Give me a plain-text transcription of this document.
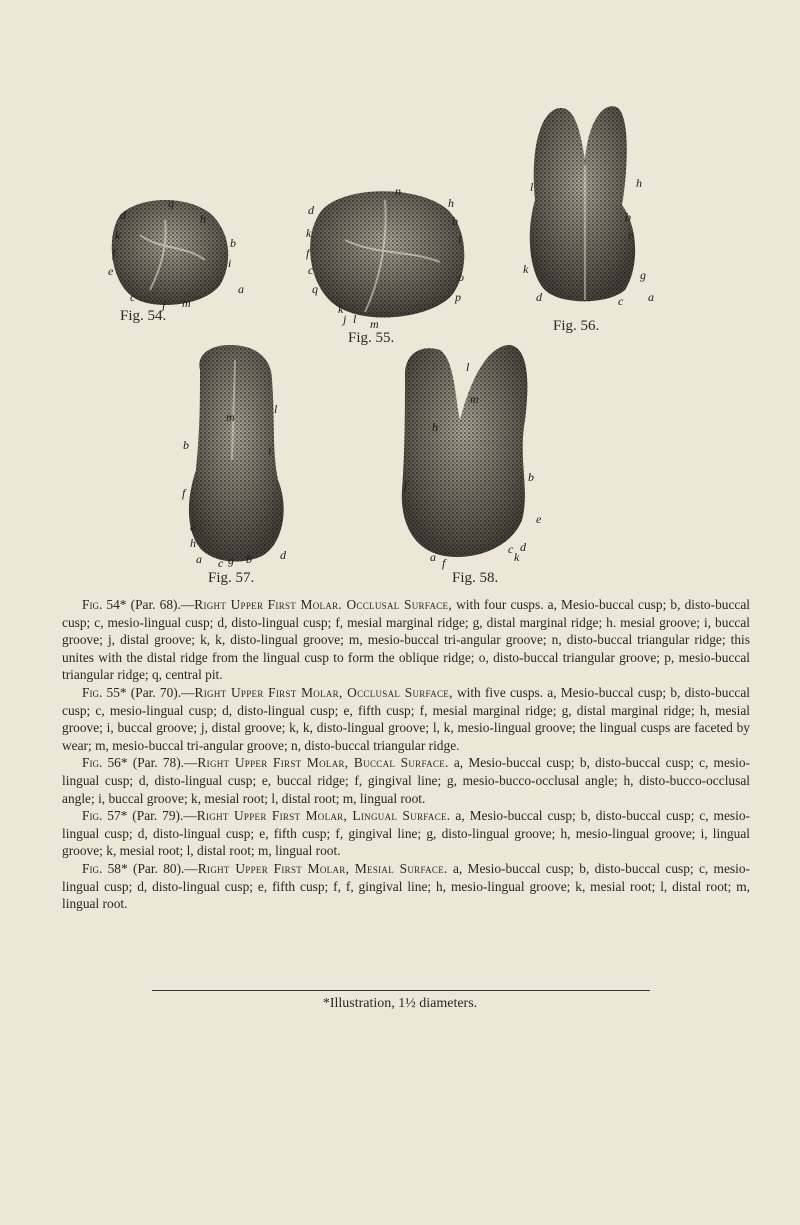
d
k
f
e
c
q
m
h
b
i
a
j
Fig. 54.
d
k
f
c
q
j l m
h
b
i
o
p
k
n
Fig. 55.
l	h
k
b
e
g
a
d	c
Fig. 56.
m
l
b	i
f
e
h
a c g b d
Fig. 57.
l
m
h
f
b
e
a f
c d
k
Fig. 58.

Fig. 54* (Par. 68).—Right Upper First Molar. Occlusal Surface, with four cusps. a, Mesio-buccal cusp; b, disto-buccal cusp; c, mesio-lingual cusp; d, disto-lingual cusp; f, mesial marginal ridge; g, distal marginal ridge; h. mesial groove; i, buccal groove; j, distal groove; k, k, disto-lingual groove; m, mesio-buccal tri-angular groove; n, disto-buccal triangular ridge; this unites with the distal ridge from the lingual cusp to form the oblique ridge; o, disto-buccal triangular groove; p, mesio-buccal triangular ridge; q, central pit.

Fig. 55* (Par. 70).—Right Upper First Molar, Occlusal Surface, with five cusps. a, Mesio-buccal cusp; b, disto-buccal cusp; c, mesio-lingual cusp; d, disto-lingual cusp; e, fifth cusp; f, mesial marginal ridge; g, distal marginal ridge; h, mesial groove; i, buccal groove; j, distal groove; k, k, disto-lingual groove; l, k, mesio-lingual groove; the lingual cusps are faceted by wear; m, mesio-buccal tri-angular groove; n, disto-buccal triangular ridge.

Fig. 56* (Par. 78).—Right Upper First Molar, Buccal Surface. a, Mesio-buccal cusp; b, disto-buccal cusp; c, mesio-lingual cusp; d, disto-lingual cusp; e, buccal ridge; f, gingival line; g, mesio-bucco-occlusal angle; h, disto-bucco-occlusal angle; i, buccal groove; k, mesial root; l, distal root; m, lingual root.

Fig. 57* (Par. 79).—Right Upper First Molar, Lingual Surface. a, Mesio-buccal cusp; b, disto-buccal cusp; c, mesio-lingual cusp; d, disto-lingual cusp; e, fifth cusp; f, gingival line; g, disto-lingual groove; h, mesio-lingual groove; i, lingual groove; k, mesial root; l, distal root; m, lingual root.

Fig. 58* (Par. 80).—Right Upper First Molar, Mesial Surface. a, Mesio-buccal cusp; b, disto-buccal cusp; c, mesio-lingual cusp; d, disto-lingual cusp; e, fifth cusp; f, f, gingival line; h, mesio-lingual groove; k, mesial root; l, distal root; m, lingual root.

*Illustration, 1½ diameters.
